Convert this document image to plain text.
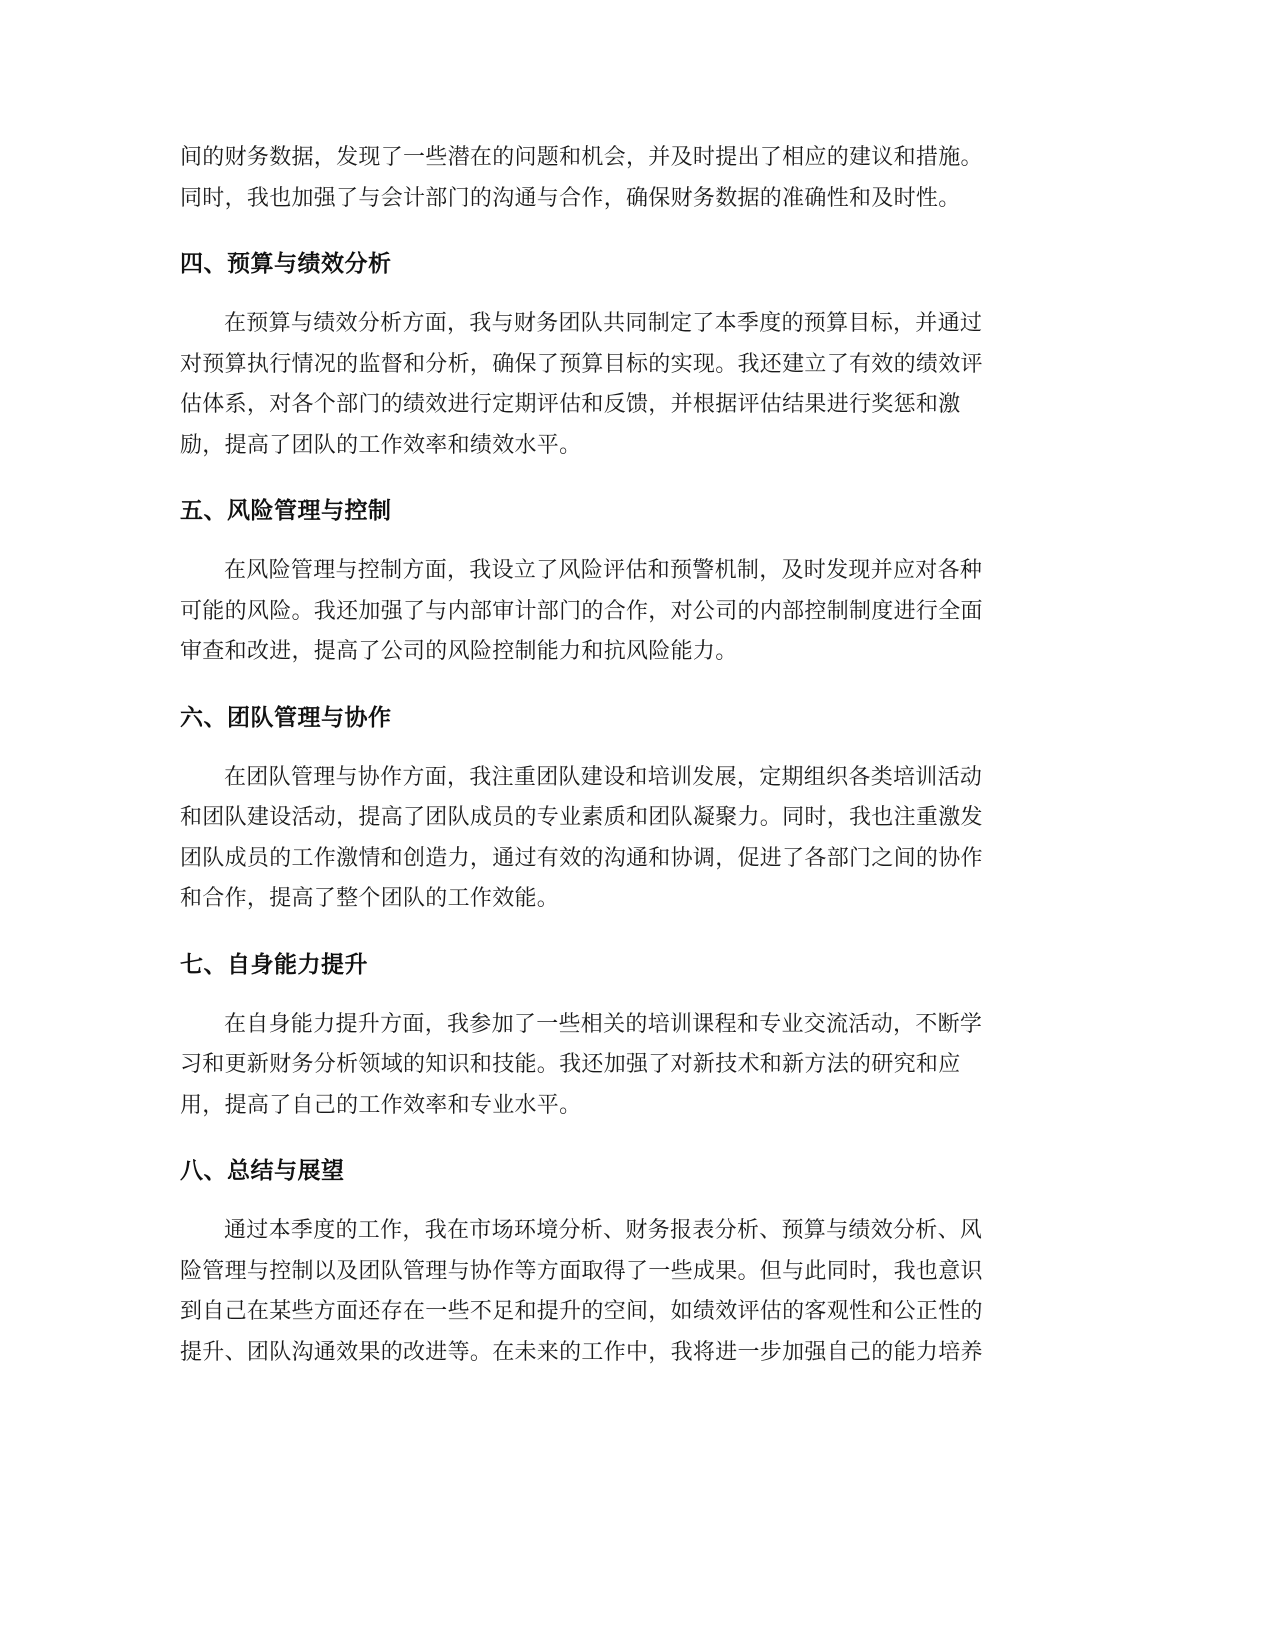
间的财务数据，发现了一些潜在的问题和机会，并及时提出了相应的建议和措施。
同时，我也加强了与会计部门的沟通与合作，确保财务数据的准确性和及时性。

四、预算与绩效分析

在预算与绩效分析方面，我与财务团队共同制定了本季度的预算目标，并通过
对预算执行情况的监督和分析，确保了预算目标的实现。我还建立了有效的绩效评
估体系，对各个部门的绩效进行定期评估和反馈，并根据评估结果进行奖惩和激
励，提高了团队的工作效率和绩效水平。

五、风险管理与控制

在风险管理与控制方面，我设立了风险评估和预警机制，及时发现并应对各种
可能的风险。我还加强了与内部审计部门的合作，对公司的内部控制制度进行全面
审查和改进，提高了公司的风险控制能力和抗风险能力。

六、团队管理与协作

在团队管理与协作方面，我注重团队建设和培训发展，定期组织各类培训活动
和团队建设活动，提高了团队成员的专业素质和团队凝聚力。同时，我也注重激发
团队成员的工作激情和创造力，通过有效的沟通和协调，促进了各部门之间的协作
和合作，提高了整个团队的工作效能。

七、自身能力提升

在自身能力提升方面，我参加了一些相关的培训课程和专业交流活动，不断学
习和更新财务分析领域的知识和技能。我还加强了对新技术和新方法的研究和应
用，提高了自己的工作效率和专业水平。

八、总结与展望

通过本季度的工作，我在市场环境分析、财务报表分析、预算与绩效分析、风
险管理与控制以及团队管理与协作等方面取得了一些成果。但与此同时，我也意识
到自己在某些方面还存在一些不足和提升的空间，如绩效评估的客观性和公正性的
提升、团队沟通效果的改进等。在未来的工作中，我将进一步加强自己的能力培养
